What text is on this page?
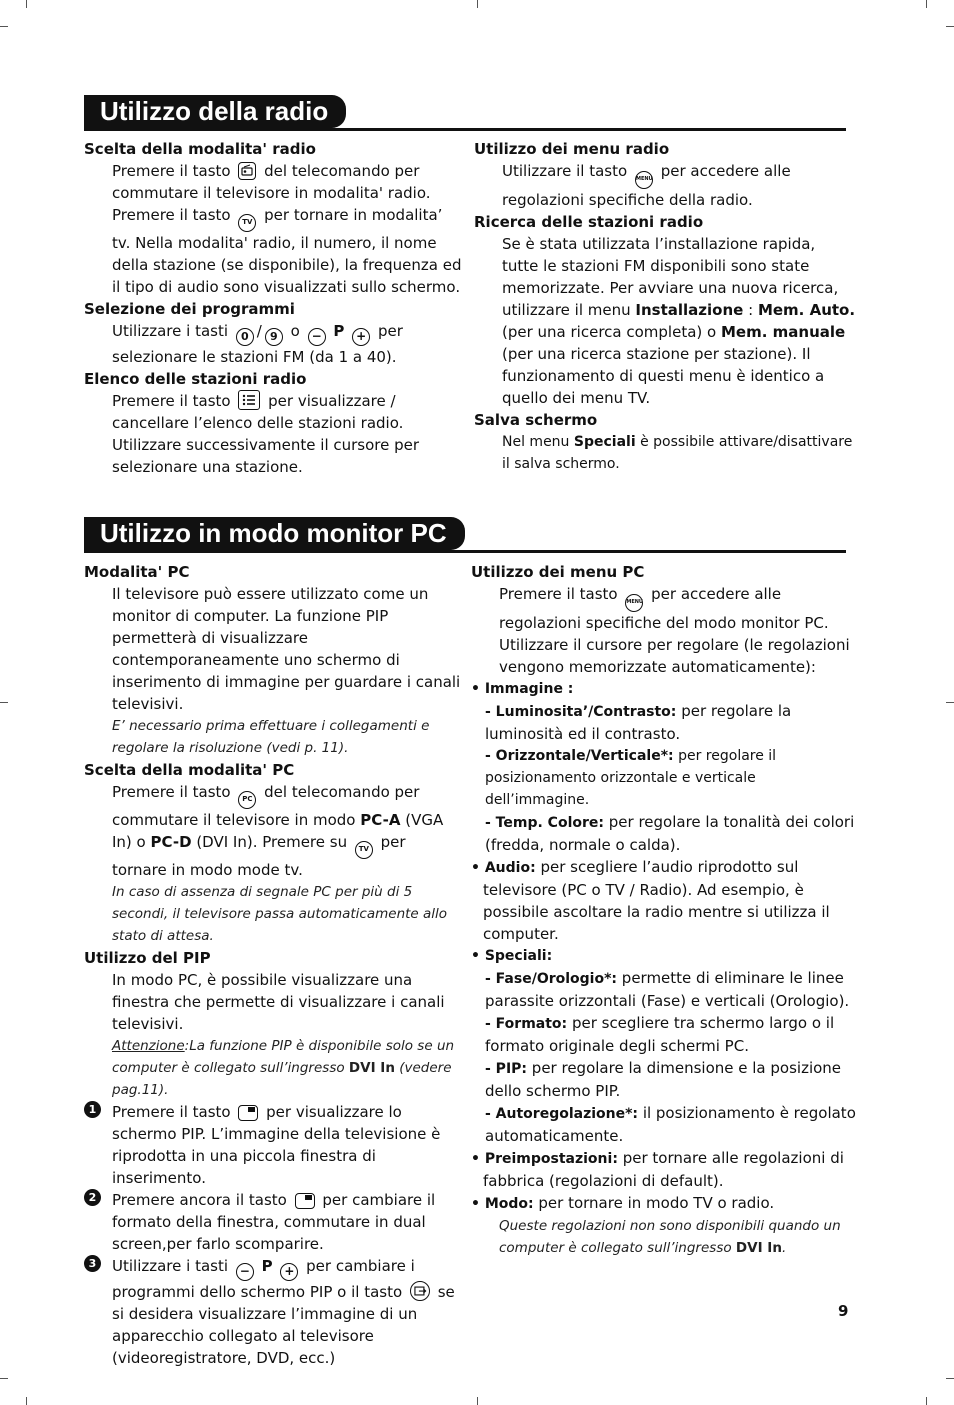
Utilizzo della radio
Scelta della modalita' radio
Premere il tasto del telecomando per commutare il televisore in modalita' radio. Premere il tasto TV per tornare in modalita’ tv. Nella modalita' radio, il numero, il nome della stazione (se disponibile), la frequenza ed il tipo di audio sono visualizzati sullo schermo.
Selezione dei programmi
Utilizzare i tasti 0 / 9 o − P + per selezionare le stazioni FM (da 1 a 40).
Elenco delle stazioni radio
Premere il tasto	per visualizzare / cancellare l’elenco delle stazioni radio. Utilizzare successivamente il cursore per selezionare una stazione.
Utilizzo dei menu radio
Utilizzare il tasto MENU per accedere alle regolazioni specifiche della radio.
Ricerca delle stazioni radio
Se è stata utilizzata l’installazione rapida, tutte le stazioni FM disponibili sono state memorizzate. Per avviare una nuova ricerca, utilizzare il menu Installazione : Mem. Auto. (per una ricerca completa) o Mem. manuale (per una ricerca stazione per stazione). Il funzionamento di questi menu è identico a quello dei menu TV.
Salva schermo
Nel menu Speciali è possibile attivare/disattivare il salva schermo.
Utilizzo in modo monitor PC
Modalita' PC
Il televisore può essere utilizzato come un monitor di computer. La funzione PIP permetterà di visualizzare contemporaneamente uno schermo di inserimento di immagine per guardare i canali televisivi.
E’ necessario prima effettuare i collegamenti e regolare la risoluzione (vedi p. 11).
Scelta della modalita' PC
Premere il tasto PC del telecomando per commutare il televisore in modo PC-A (VGA In) o PC-D (DVI In). Premere su TV per tornare in modo mode tv.
In caso di assenza di segnale PC per più di 5 secondi, il televisore passa automaticamente allo stato di attesa.
Utilizzo del PIP
In modo PC, è possibile visualizzare una finestra che permette di visualizzare i canali televisivi.
Attenzione:La funzione PIP è disponibile solo se un computer è collegato sull’ingresso DVI In (vedere pag.11).
1	Premere il tasto per visualizzare lo schermo PIP. L’immagine della televisione è riprodotta in una piccola finestra di inserimento.
2	Premere ancora il tasto per cambiare il formato della finestra, commutare in dual screen,per farlo scomparire.
3	Utilizzare i tasti − P + per cambiare i programmi dello schermo PIP o il tasto se si desidera visualizzare l’immagine di un apparecchio collegato al televisore (videoregistratore, DVD, ecc.)
Utilizzo dei menu PC
Premere il tasto MENU per accedere alle regolazioni specifiche del modo monitor PC. Utilizzare il cursore per regolare (le regolazioni vengono memorizzate automaticamente):
• Immagine :
- Luminosita’/Contrasto: per regolare la luminosità ed il contrasto.
- Orizzontale/Verticale*: per regolare il posizionamento orizzontale e verticale dell’immagine.
- Temp. Colore: per regolare la tonalità dei colori (fredda, normale o calda).
• Audio: per scegliere l’audio riprodotto sul televisore (PC o TV / Radio). Ad esempio, è possibile ascoltare la radio mentre si utilizza il computer.
• Speciali:
- Fase/Orologio*: permette di eliminare le linee parassite orizzontali (Fase) e verticali (Orologio).
- Formato: per scegliere tra schermo largo o il formato originale degli schermi PC.
- PIP: per regolare la dimensione e la posizione dello schermo PIP.
- Autoregolazione*: il posizionamento è regolato automaticamente.
• Preimpostazioni: per tornare alle regolazioni di fabbrica (regolazioni di default).
• Modo: per tornare in modo TV o radio.
Queste regolazioni non sono disponibili quando un computer è collegato sull’ingresso DVI In.
9
